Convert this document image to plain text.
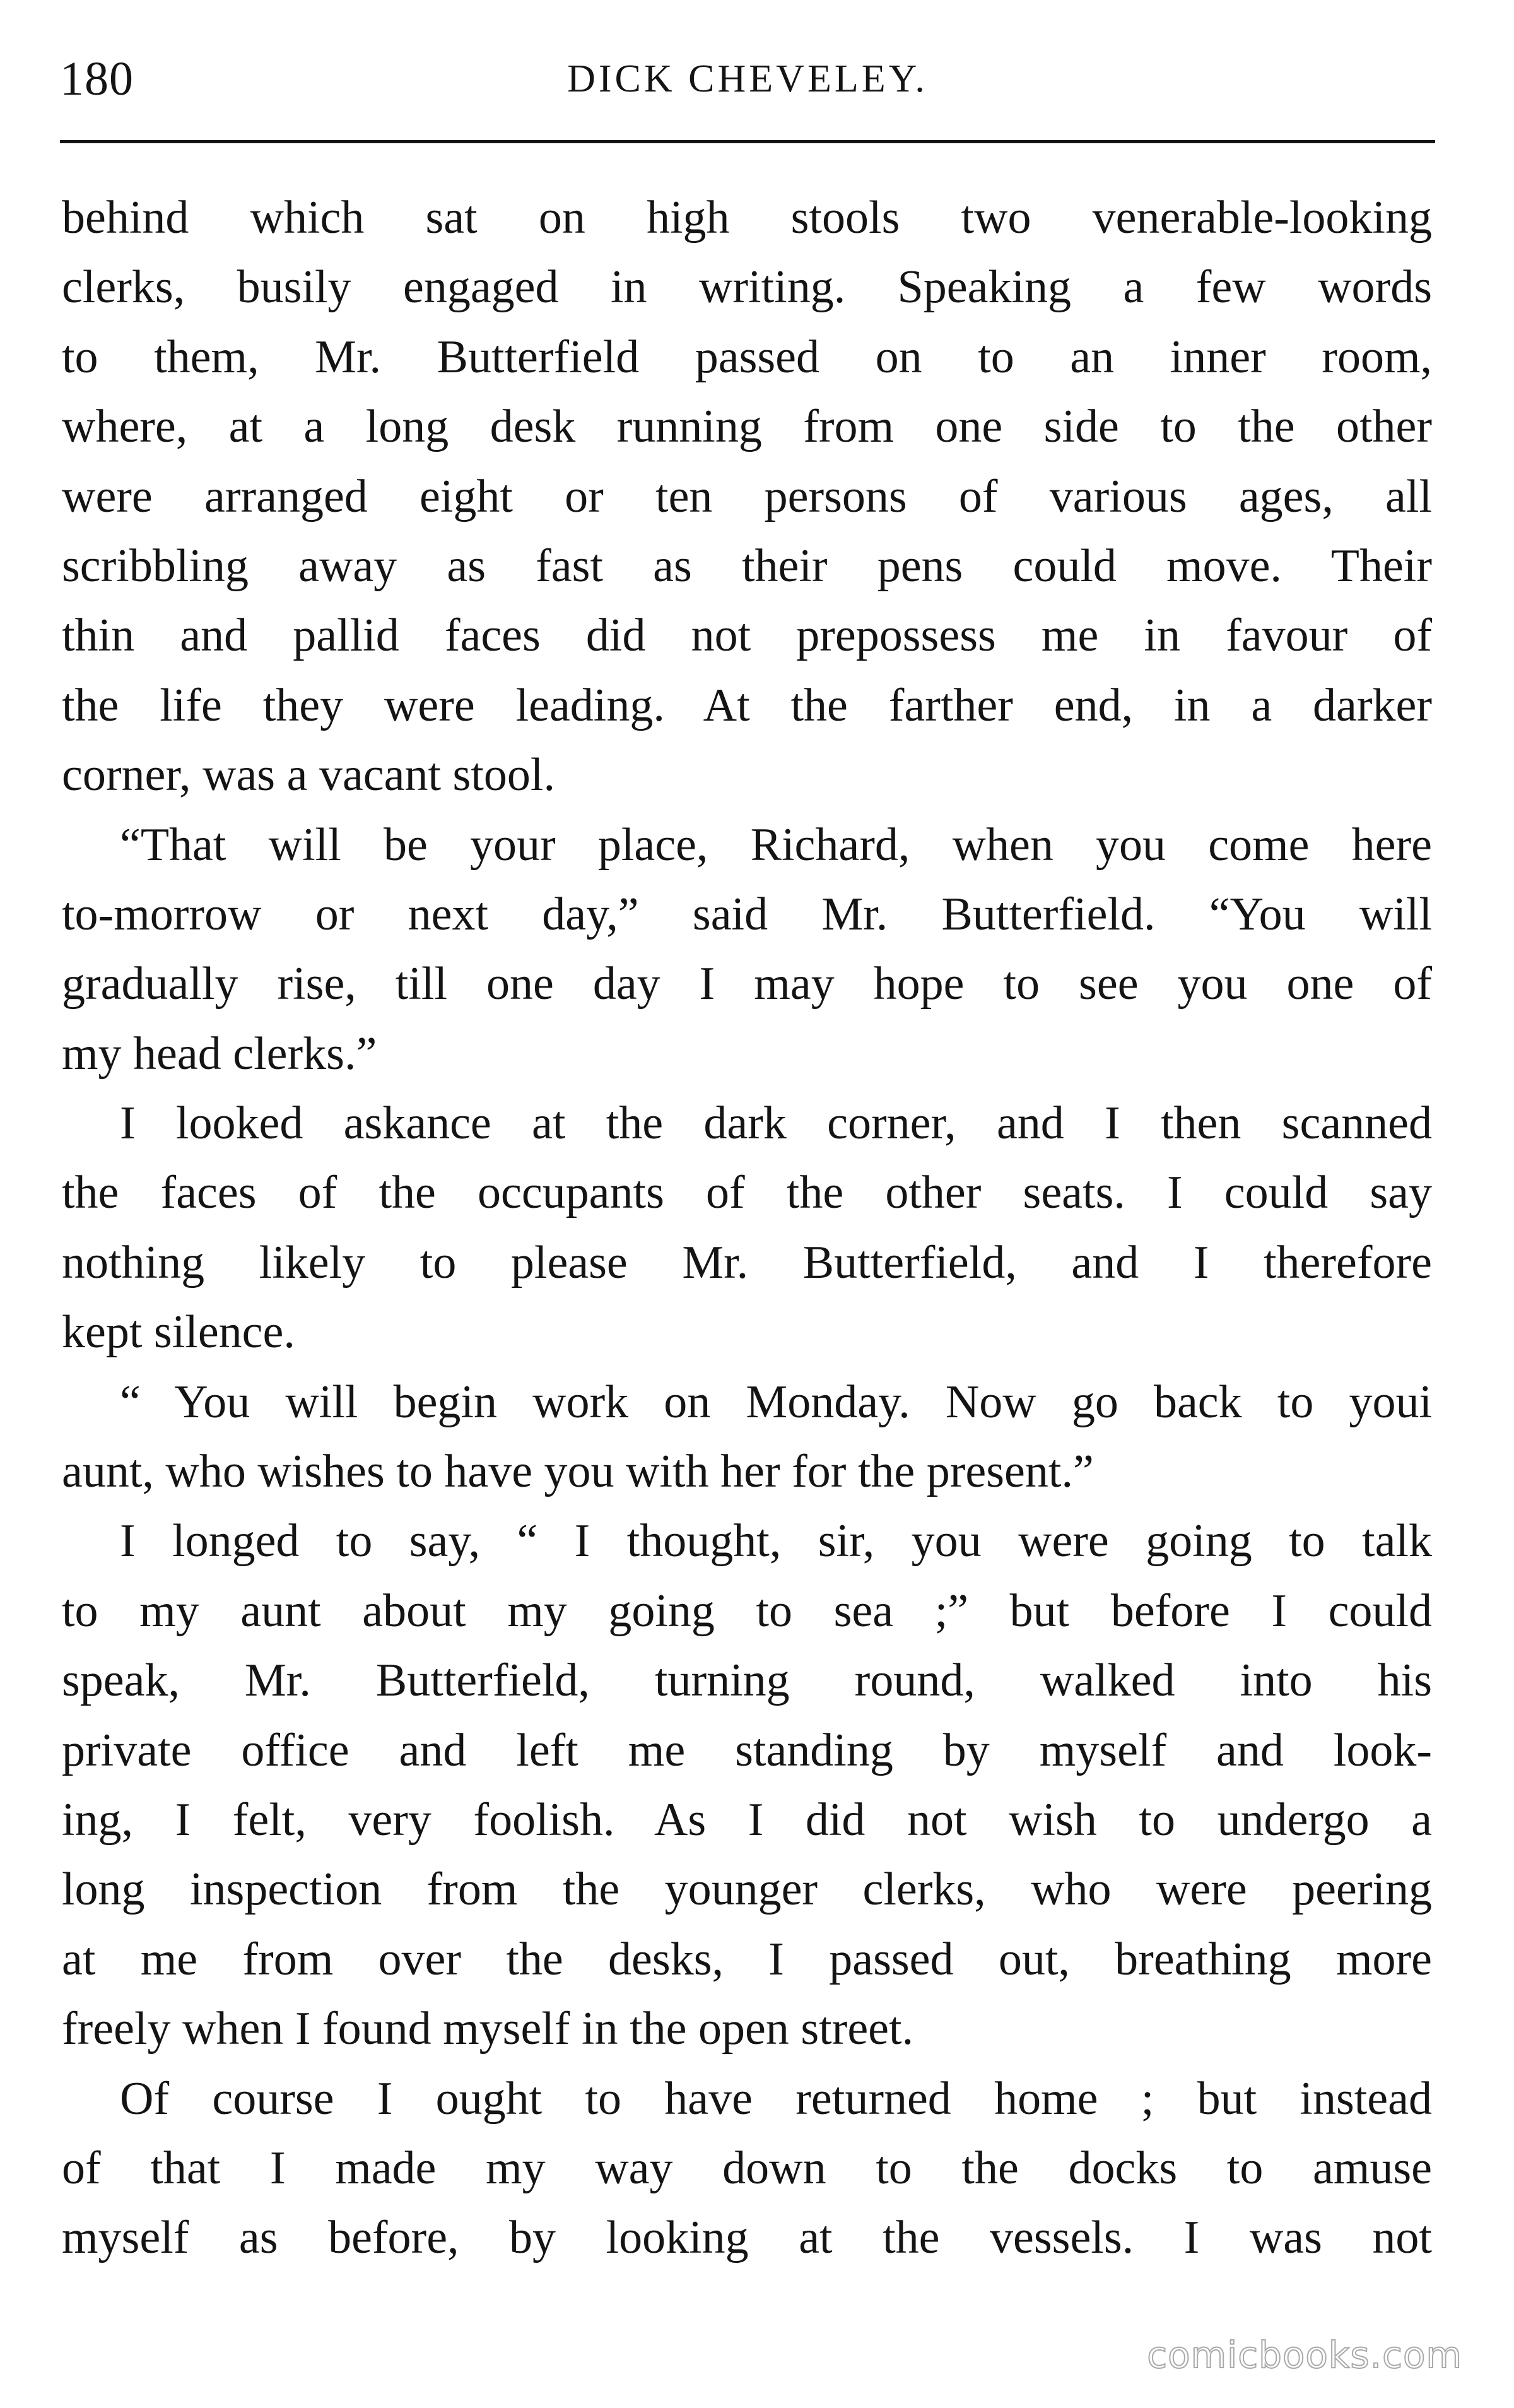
180	DICK CHEVELEY.
behind which sat on high stools two venerable-looking
clerks, busily engaged in writing. Speaking a few words
to them, Mr. Butterfield passed on to an inner room,
where, at a long desk running from one side to the other
were arranged eight or ten persons of various ages, all
scribbling away as fast as their pens could move. Their
thin and pallid faces did not prepossess me in favour of
the life they were leading. At the farther end, in a darker
corner, was a vacant stool.
“That will be your place, Richard, when you come here
to-morrow or next day,” said Mr. Butterfield. “You will
gradually rise, till one day I may hope to see you one of
my head clerks.”
I looked askance at the dark corner, and I then scanned
the faces of the occupants of the other seats. I could say
nothing likely to please Mr. Butterfield, and I therefore
kept silence.
“ You will begin work on Monday. Now go back to youi
aunt, who wishes to have you with her for the present.”
I longed to say, “ I thought, sir, you were going to talk
to my aunt about my going to sea ;” but before I could
speak, Mr. Butterfield, turning round, walked into his
private office and left me standing by myself and look-
ing, I felt, very foolish. As I did not wish to undergo a
long inspection from the younger clerks, who were peering
at me from over the desks, I passed out, breathing more
freely when I found myself in the open street.
Of course I ought to have returned home ; but instead
of that I made my way down to the docks to amuse
myself as before, by looking at the vessels. I was not
comicbooks.com
